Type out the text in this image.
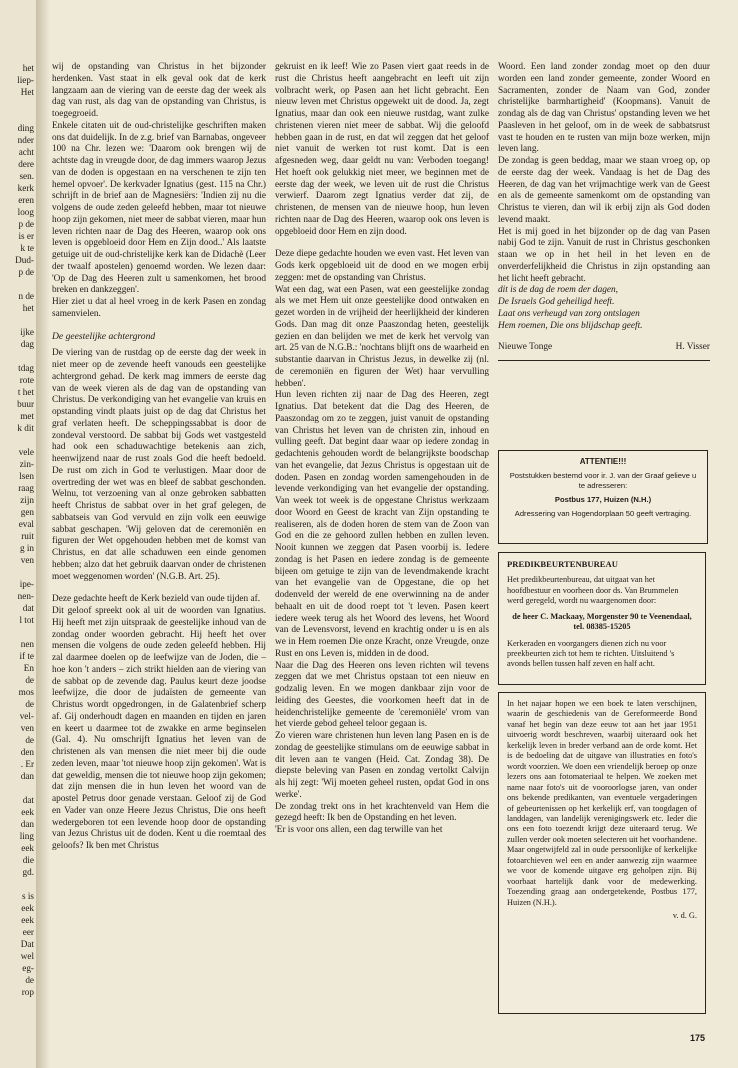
het
liep-
Het
ding
nder
acht
dere
sen.
kerk
eren
loog
p de
is er
k te
Dud-
p de
n de
het
ijke
dag
tdag
rote
t het
buur
met
k dit
vele
zin-
lsen
raag
zijn
gen
eval
ruit
g in
ven
ipe-
nen-
dat
l tot
nen
if te
En
de
mos
de
vel-
ven
de
den
. Er
dan
dat
eek
dan
ling
eek
die
gd.
s is
eek
eek
eer
Dat
wel
eg-
de
rop

wij de opstanding van Christus in het bijzonder herdenken. Vast staat in elk geval ook dat de kerk langzaam aan de viering van de eerste dag der week als dag van rust, als dag van de opstanding van Christus, is toegegroeid.

Enkele citaten uit de oud-christelijke geschriften maken ons dat duidelijk. In de z.g. brief van Barnabas, ongeveer 100 na Chr. lezen we: 'Daarom ook brengen wij de achtste dag in vreugde door, de dag immers waarop Jezus van de doden is opgestaan en na verschenen te zijn ten hemel opvoer'. De kerkvader Ignatius (gest. 115 na Chr.) schrijft in de brief aan de Magnesiërs: 'Indien zij nu die volgens de oude zeden geleefd hebben, maar tot nieuwe hoop zijn gekomen, niet meer de sabbat vieren, maar hun leven richten naar de Dag des Heeren, waarop ook ons leven is opgebloeid door Hem en Zijn dood..' Als laatste getuige uit de oud-christelijke kerk kan de Didachè (Leer der twaalf apostelen) genoemd worden. We lezen daar: 'Op de Dag des Heeren zult u samenkomen, het brood breken en dankzeggen'.

Hier ziet u dat al heel vroeg in de kerk Pasen en zondag samenvielen.

De geestelijke achtergrond

De viering van de rustdag op de eerste dag der week in niet meer op de zevende heeft vanouds een geestelijke achtergrond gehad. De kerk mag immers de eerste dag van de week vieren als de dag van de opstanding van Christus. De verkondiging van het evangelie van kruis en opstanding vindt plaats juist op de dag dat Christus het graf verlaten heeft. De scheppingssabbat is door de zondeval verstoord. De sabbat bij Gods wet vastgesteld had ook een schaduwachtige betekenis aan zich, heenwijzend naar de rust zoals God die heeft bedoeld. De rust om zich in God te verlustigen. Maar door de overtreding der wet was en bleef de sabbat geschonden. Welnu, tot verzoening van al onze gebroken sabbatten heeft Christus de sabbat over in het graf gelegen, de sabbatseis van God vervuld en zijn volk een eeuwige sabbat geschapen. 'Wij geloven dat de ceremoniën en figuren der Wet opgehouden hebben met de komst van Christus, en dat alle schaduwen een einde genomen hebben; alzo dat het gebruik daarvan onder de christenen moet weggenomen worden' (N.G.B. Art. 25).

Deze gedachte heeft de Kerk bezield van oude tijden af.

Dit geloof spreekt ook al uit de woorden van Ignatius. Hij heeft met zijn uitspraak de geestelijke inhoud van de zondag onder woorden gebracht. Hij heeft het over mensen die volgens de oude zeden geleefd hebben. Hij zal daarmee doelen op de leefwijze van de Joden, die – hoe kon 't anders – zich strikt hielden aan de viering van de sabbat op de zevende dag. Paulus keurt deze joodse leefwijze, die door de judaïsten de gemeente van Christus wordt opgedrongen, in de Galatenbrief scherp af. Gij onderhoudt dagen en maanden en tijden en jaren en keert u daarmee tot de zwakke en arme beginselen (Gal. 4). Nu omschrijft Ignatius het leven van de christenen als van mensen die niet meer bij die oude zeden leven, maar 'tot nieuwe hoop zijn gekomen'. Wat is dat geweldig, mensen die tot nieuwe hoop zijn gekomen; dat zijn mensen die in hun leven het woord van de apostel Petrus door genade verstaan. Geloof zij de God en Vader van onze Heere Jezus Christus, Die ons heeft wedergeboren tot een levende hoop door de opstanding van Jezus Christus uit de doden. Kent u die roemtaal des geloofs? Ik ben met Christus

gekruist en ik leef! Wie zo Pasen viert gaat reeds in de rust die Christus heeft aangebracht en leeft uit zijn volbracht werk, op Pasen aan het licht gebracht. Een nieuw leven met Christus opgewekt uit de dood. Ja, zegt Ignatius, maar dan ook een nieuwe rustdag, want zulke christenen vieren niet meer de sabbat. Wij die geloofd hebben gaan in de rust, en dat wil zeggen dat het geloof niet vanuit de werken tot rust komt. Dat is een afgesneden weg, daar geldt nu van: Verboden toegang! Het hoeft ook gelukkig niet meer, we beginnen met de eerste dag der week, we leven uit de rust die Christus verwierf. Daarom zegt Ignatius verder dat zij, de christenen, de mensen van de nieuwe hoop, hun leven richten naar de Dag des Heeren, waarop ook ons leven is opgebloeid door Hem en zijn dood.

Deze diepe gedachte houden we even vast. Het leven van Gods kerk opgebloeid uit de dood en we mogen erbij zeggen: met de opstanding van Christus.

Wat een dag, wat een Pasen, wat een geestelijke zondag als we met Hem uit onze geestelijke dood ontwaken en gezet worden in de vrijheid der heerlijkheid der kinderen Gods. Dan mag dit onze Paaszondag heten, geestelijk gezien en dan belijden we met de kerk het vervolg van art. 25 van de N.G.B.: 'nochtans blijft ons de waarheid en substantie daarvan in Christus Jezus, in dewelke zij (nl. de ceremoniën en figuren der Wet) haar vervulling hebben'.

Hun leven richten zij naar de Dag des Heeren, zegt Ignatius. Dat betekent dat die Dag des Heeren, de Paaszondag om zo te zeggen, juist vanuit de opstanding van Christus het leven van de christen zin, inhoud en vulling geeft. Dat begint daar waar op iedere zondag in gedachtenis gehouden wordt de belangrijkste boodschap van het evangelie, dat Jezus Christus is opgestaan uit de doden. Pasen en zondag worden samengehouden in de levende verkondiging van het evangelie der opstanding. Van week tot week is de opgestane Christus werkzaam door Woord en Geest de kracht van Zijn opstanding te realiseren, als de doden horen de stem van de Zoon van God en die ze gehoord zullen hebben en zullen leven. Nooit kunnen we zeggen dat Pasen voorbij is. Iedere zondag is het Pasen en iedere zondag is de gemeente bijeen om getuige te zijn van de levendmakende kracht van het evangelie van de Opgestane, die op het dodenveld der wereld de ene overwinning na de ander behaalt en uit de dood roept tot 't leven. Pasen keert iedere week terug als het Woord des levens, het Woord van de Levensvorst, levend en krachtig onder u is en als we in Hem roemen Die onze Kracht, onze Vreugde, onze Rust en ons Leven is, midden in de dood.

Naar die Dag des Heeren ons leven richten wil tevens zeggen dat we met Christus opstaan tot een nieuw en godzalig leven. En we mogen dankbaar zijn voor de leiding des Geestes, die voorkomen heeft dat in de heidenchristelijke gemeente de 'ceremoniële' vrom van het vierde gebod geheel teloor gegaan is.

Zo vieren ware christenen hun leven lang Pasen en is de zondag de geestelijke stimulans om de eeuwige sabbat in dit leven aan te vangen (Heid. Cat. Zondag 38). De diepste beleving van Pasen en zondag vertolkt Calvijn als hij zegt: 'Wij moeten geheel rusten, opdat God in ons werke'.

De zondag trekt ons in het krachtenveld van Hem die gezegd heeft: Ik ben de Opstanding en het leven.

'Er is voor ons allen, een dag terwille van het

Woord. Een land zonder zondag moet op den duur worden een land zonder gemeente, zonder Woord en Sacramenten, zonder de Naam van God, zonder christelijke barmhartigheid' (Koopmans). Vanuit de zondag als de dag van Christus' opstanding leven we het Paasleven in het geloof, om in de week de sabbatsrust vast te houden en te rusten van mijn boze werken, mijn leven lang.

De zondag is geen beddag, maar we staan vroeg op, op de eerste dag der week. Vandaag is het de Dag des Heeren, de dag van het vrijmachtige werk van de Geest en als de gemeente samenkomt om de opstanding van Christus te vieren, dan wil ik erbij zijn als God doden levend maakt.

Het is mij goed in het bijzonder op de dag van Pasen nabij God te zijn. Vanuit de rust in Christus geschonken staan we op in het heil in het leven en de onverderfelijkheid die Christus in zijn opstanding aan het licht heeft gebracht.

dit is de dag de roem der dagen,

De Israels God geheiligd heeft.

Laat ons verheugd van zorg ontslagen

Hem roemen, Die ons blijdschap geeft.

Nieuwe Tonge	H. Visser
ATTENTIE!!!
Poststukken bestemd voor ir. J. van der Graaf gelieve u te adresseren:
Postbus 177, Huizen (N.H.)
Adressering van Hogendorplaan 50 geeft vertraging.
PREDIKBEURTENBUREAU
Het predikbeurtenbureau, dat uitgaat van het hoofdbestuur en voorheen door ds. Van Brummelen werd geregeld, wordt nu waargenomen door:
de heer C. Mackaay, Morgenster 90 te Veenendaal, tel. 08385-15205
Kerkeraden en voorgangers dienen zich nu voor preekbeurten zich tot hem te richten. Uitsluitend 's avonds bellen tussen half zeven en half acht.
In het najaar hopen we een boek te laten verschijnen, waarin de geschiedenis van de Gereformeerde Bond vanaf het begin van deze eeuw tot aan het jaar 1951 uitvoerig wordt beschreven, waarbij uiteraard ook het kerkelijk leven in breder verband aan de orde komt. Het is de bedoeling dat de uitgave van illustraties en foto's wordt voorzien. We doen een vriendelijk beroep op onze lezers ons aan fotomateriaal te helpen. We zoeken met name naar foto's uit de vooroorlogse jaren, van onder ons bekende predikanten, van eventuele vergaderingen of gebeurtenissen op het kerkelijk erf, van toogdagen of landdagen, van landelijk verenigingswerk etc. Ieder die ons een foto toezendt krijgt deze uiteraard terug. We zullen verder ook moeten selecteren uit het voorhandene. Maar ongetwijfeld zal in oude persoonlijke of kerkelijke fotoarchieven wel een en ander aanwezig zijn waarmee we voor de komende uitgave erg geholpen zijn. Bij voorbaat hartelijk dank voor de medewerking. Toezending graag aan ondergetekende, Postbus 177, Huizen (N.H.).
v. d. G.
175
